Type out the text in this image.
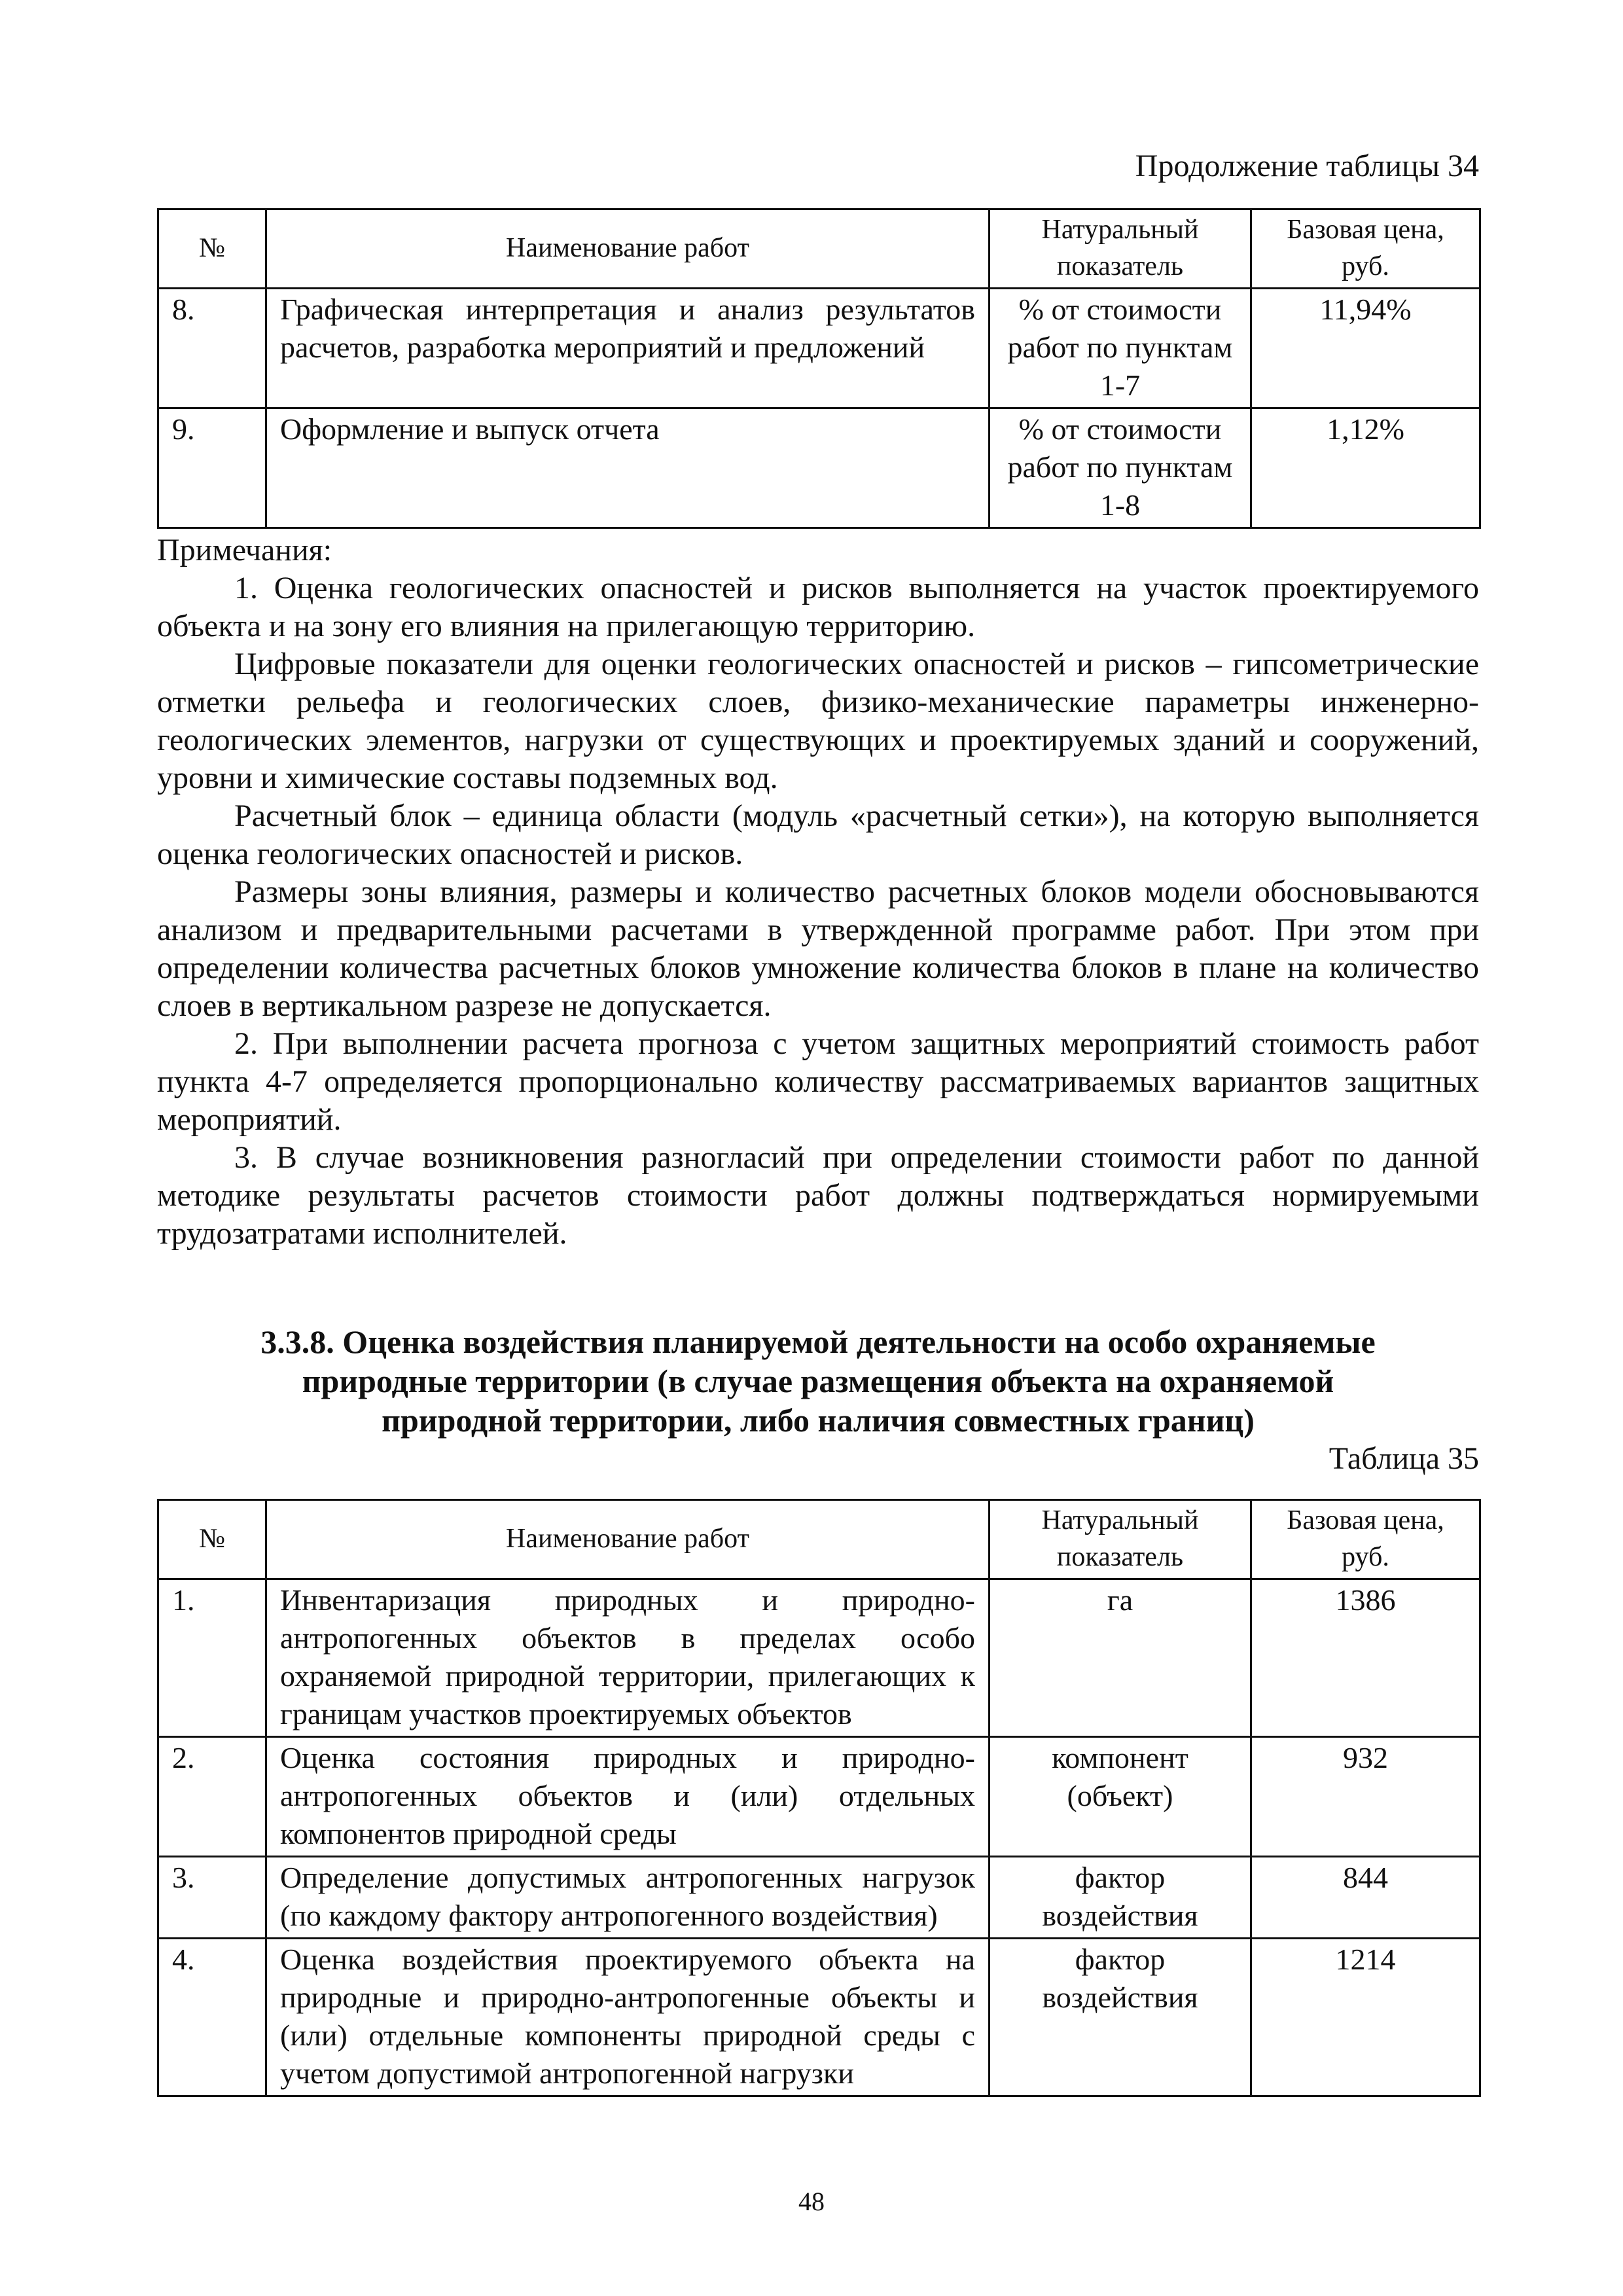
Продолжение таблицы 34
№	Наименование работ	Натуральный показатель	Базовая цена, руб.
8.	Графическая интерпретация и анализ результатов расчетов, разработка мероприятий и предложений	% от стоимости работ по пунктам 1-7	11,94%
9.	Оформление и выпуск отчета	% от стоимости работ по пунктам 1-8	1,12%

Примечания:

1. Оценка геологических опасностей и рисков выполняется на участок проектируемого объекта и на зону его влияния на прилегающую территорию.

Цифровые показатели для оценки геологических опасностей и рисков – гипсометрические отметки рельефа и геологических слоев, физико-механические параметры инженерно-геологических элементов, нагрузки от существующих и проектируемых зданий и сооружений, уровни и химические составы подземных вод.

Расчетный блок – единица области (модуль «расчетный сетки»), на которую выполняется оценка геологических опасностей и рисков.

Размеры зоны влияния, размеры и количество расчетных блоков модели обосновываются анализом и предварительными расчетами в утвержденной программе работ. При этом при определении количества расчетных блоков умножение количества блоков в плане на количество слоев в вертикальном разрезе не допускается.

2. При выполнении расчета прогноза с учетом защитных мероприятий стоимость работ пункта 4-7 определяется пропорционально количеству рассматриваемых вариантов защитных мероприятий.

3. В случае возникновения разногласий при определении стоимости работ по данной методике результаты расчетов стоимости работ должны подтверждаться нормируемыми трудозатратами исполнителей.

3.3.8. Оценка воздействия планируемой деятельности на особо охраняемые
природные территории (в случае размещения объекта на охраняемой
природной территории, либо наличия совместных границ)
Таблица 35
№	Наименование работ	Натуральный показатель	Базовая цена, руб.
1.	Инвентаризация природных и природно-антропогенных объектов в пределах особо охраняемой природной территории, прилегающих к границам участков проектируемых объектов	га	1386
2.	Оценка состояния природных и природно-антропогенных объектов и (или) отдельных компонентов природной среды	компонент (объект)	932
3.	Определение допустимых антропогенных нагрузок (по каждому фактору антропогенного воздействия)	фактор воздействия	844
4.	Оценка воздействия проектируемого объекта на природные и природно-антропогенные объекты и (или) отдельные компоненты природной среды с учетом допустимой антропогенной нагрузки	фактор воздействия	1214
48
